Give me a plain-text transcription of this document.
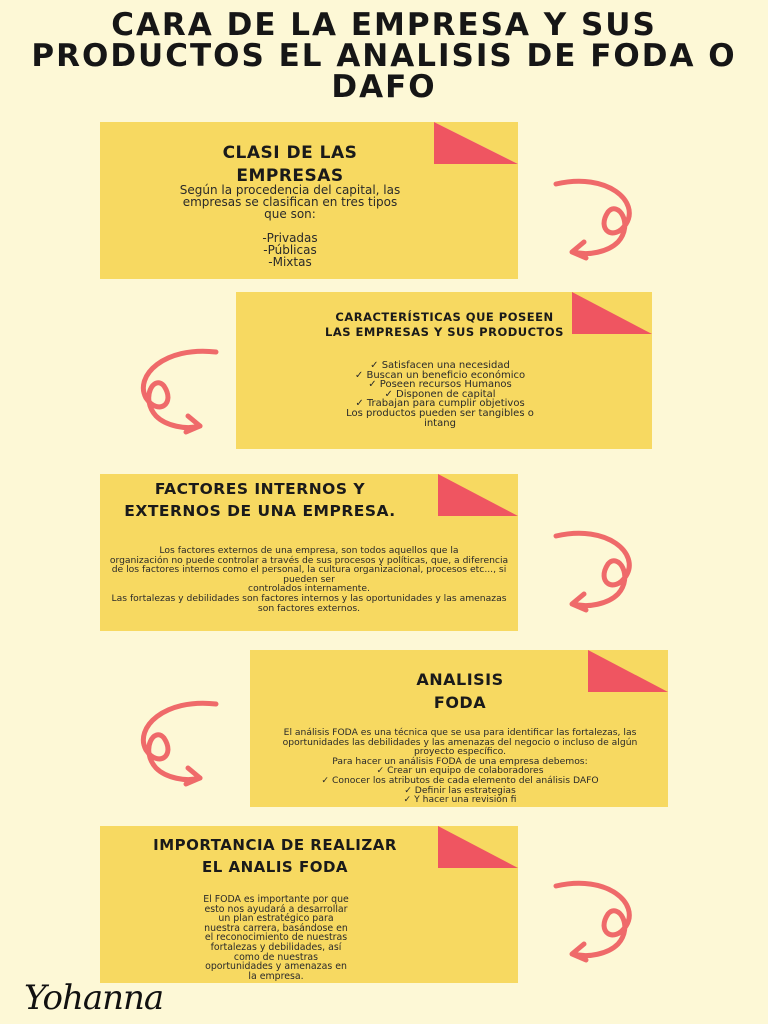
CARA DE LA EMPRESA Y SUS PRODUCTOS EL ANALISIS DE FODA O DAFO
CLASI DE LAS EMPRESAS
Según la procedencia del capital, las empresas se clasifican en tres tipos que son:

-Privadas
-Públicas
-Mixtas
CARACTERÍSTICAS QUE POSEEN LAS EMPRESAS Y SUS PRODUCTOS
✓ Satisfacen una necesidad
✓ Buscan un beneficio económico
✓ Poseen recursos Humanos
✓ Disponen de capital
✓ Trabajan para cumplir objetivos
Los productos pueden ser tangibles o intang
FACTORES INTERNOS Y EXTERNOS DE UNA EMPRESA.
Los factores externos de una empresa, son todos aquellos que la
organización no puede controlar a través de sus procesos y políticas, que, a diferencia de los factores internos como el personal, la cultura organizacional, procesos etc..., si pueden ser
controlados internamente.
Las fortalezas y debilidades son factores internos y las oportunidades y las amenazas son factores externos.
ANALISIS FODA
El análisis FODA es una técnica que se usa para identificar las fortalezas, las oportunidades las debilidades y las amenazas del negocio o incluso de algún proyecto específico.
Para hacer un análisis FODA de una empresa debemos:
✓ Crear un equipo de colaboradores
✓ Conocer los atributos de cada elemento del análisis DAFO
✓ Definir las estrategias
✓ Y hacer una revisión fi
IMPORTANCIA DE REALIZAR EL ANALIS FODA
El FODA es importante por que esto nos ayudará a desarrollar un plan estratégico para nuestra carrera, basándose en el reconocimiento de nuestras fortalezas y debilidades, así como de nuestras oportunidades y amenazas en la empresa.
Yohanna
